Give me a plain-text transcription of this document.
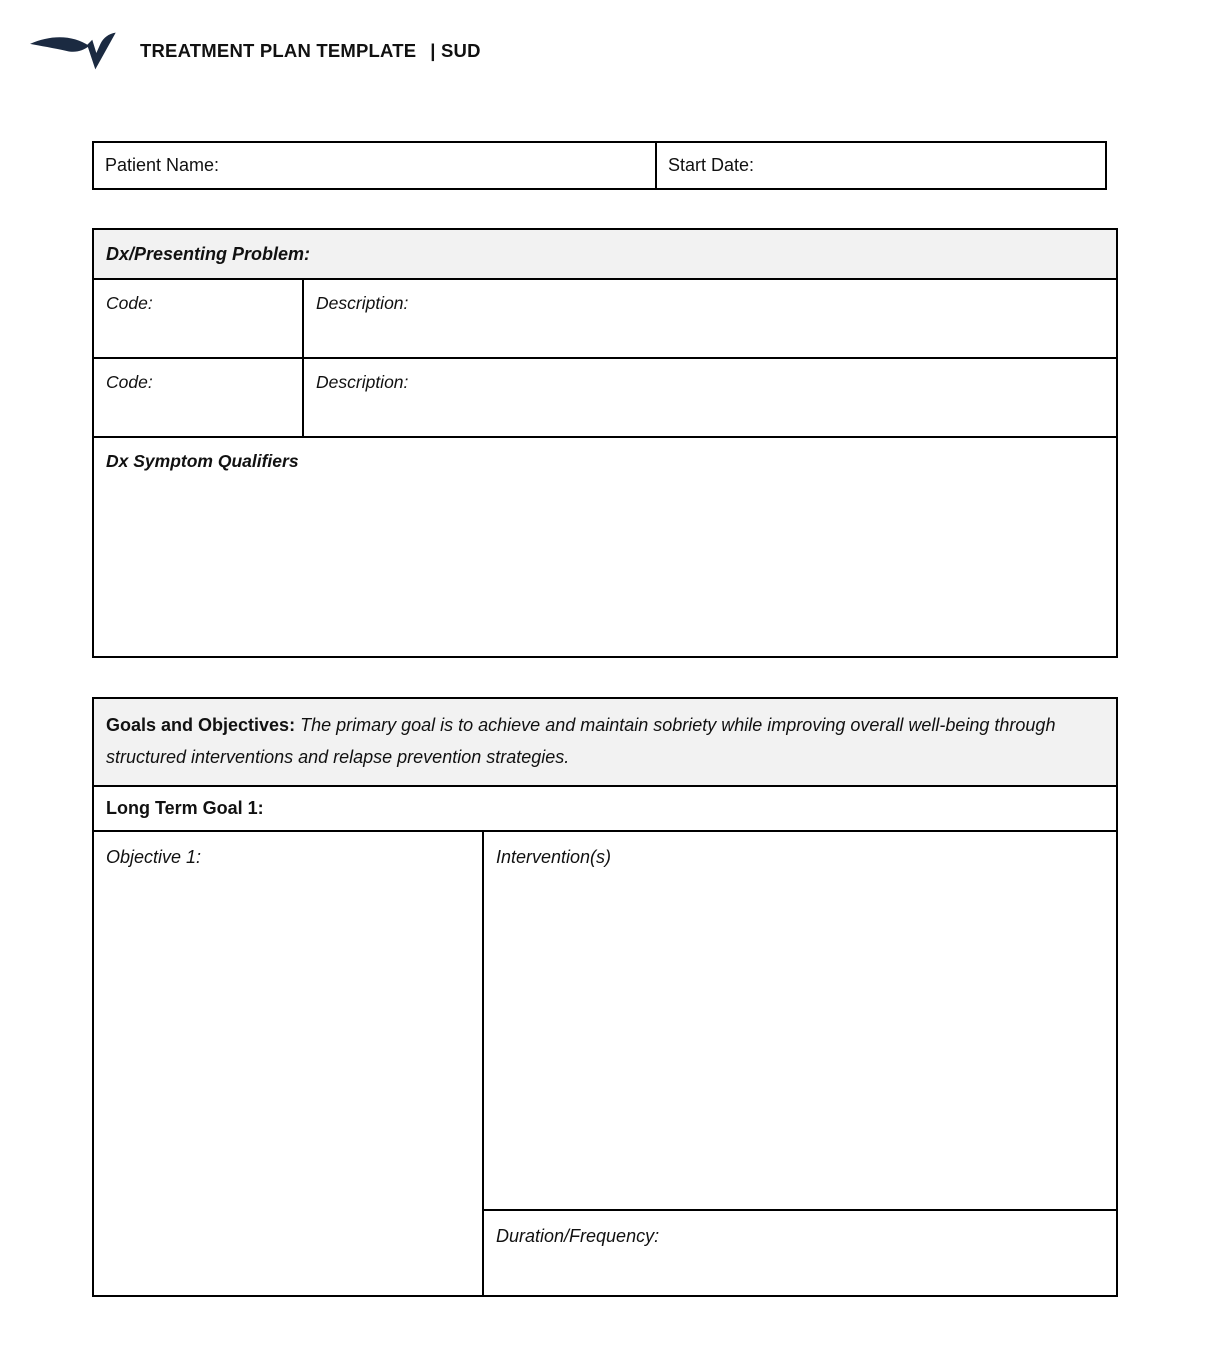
TREATMENT PLAN TEMPLATE | SUD
Patient Name:	Start Date:
Dx/Presenting Problem:
Code:	Description:
Code:	Description:
Dx Symptom Qualifiers
Goals and Objectives: The primary goal is to achieve and maintain sobriety while improving overall well-being through structured interventions and relapse prevention strategies.
Long Term Goal 1:
Objective 1:	Intervention(s)
Duration/Frequency:
